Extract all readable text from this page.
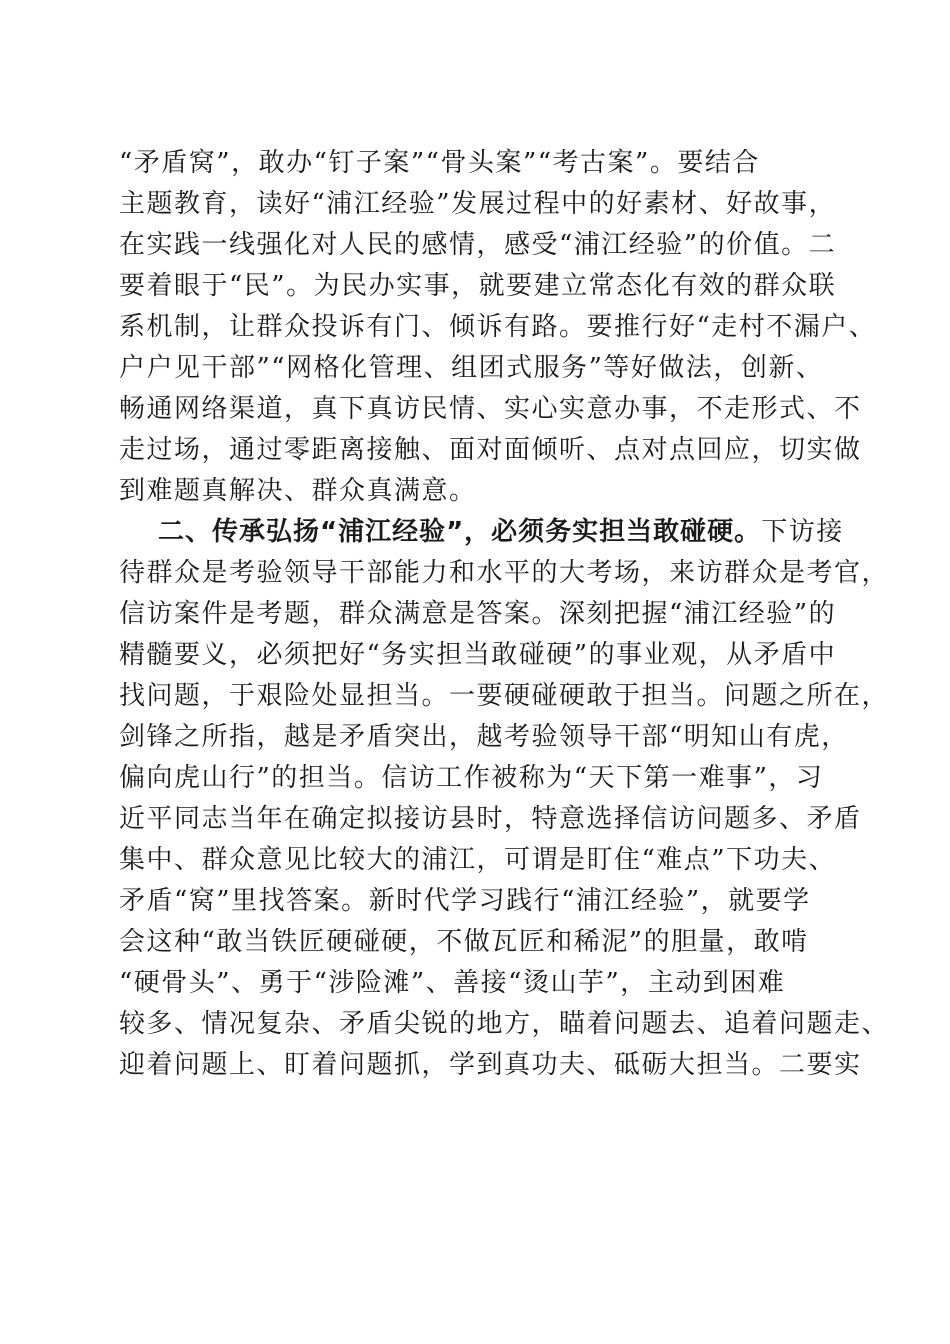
“矛盾窝”，敢办“钉子案”“骨头案”“考古案”。要结合
主题教育，读好“浦江经验”发展过程中的好素材、好故事，
在实践一线强化对人民的感情，感受“浦江经验”的价值。二
要着眼于“民”。为民办实事，就要建立常态化有效的群众联
系机制，让群众投诉有门、倾诉有路。要推行好“走村不漏户、
户户见干部”“网格化管理、组团式服务”等好做法，创新、
畅通网络渠道，真下真访民情、实心实意办事，不走形式、不
走过场，通过零距离接触、面对面倾听、点对点回应，切实做
到难题真解决、群众真满意。
二、传承弘扬“浦江经验”，必须务实担当敢碰硬。下访接
待群众是考验领导干部能力和水平的大考场，来访群众是考官，
信访案件是考题，群众满意是答案。深刻把握“浦江经验”的
精髓要义，必须把好“务实担当敢碰硬”的事业观，从矛盾中
找问题，于艰险处显担当。一要硬碰硬敢于担当。问题之所在，
剑锋之所指，越是矛盾突出，越考验领导干部“明知山有虎，
偏向虎山行”的担当。信访工作被称为“天下第一难事”，习
近平同志当年在确定拟接访县时，特意选择信访问题多、矛盾
集中、群众意见比较大的浦江，可谓是盯住“难点”下功夫、
矛盾“窝”里找答案。新时代学习践行“浦江经验”，就要学
会这种“敢当铁匠硬碰硬，不做瓦匠和稀泥”的胆量，敢啃
“硬骨头”、勇于“涉险滩”、善接“烫山芋”，主动到困难
较多、情况复杂、矛盾尖锐的地方，瞄着问题去、追着问题走、
迎着问题上、盯着问题抓，学到真功夫、砥砺大担当。二要实
